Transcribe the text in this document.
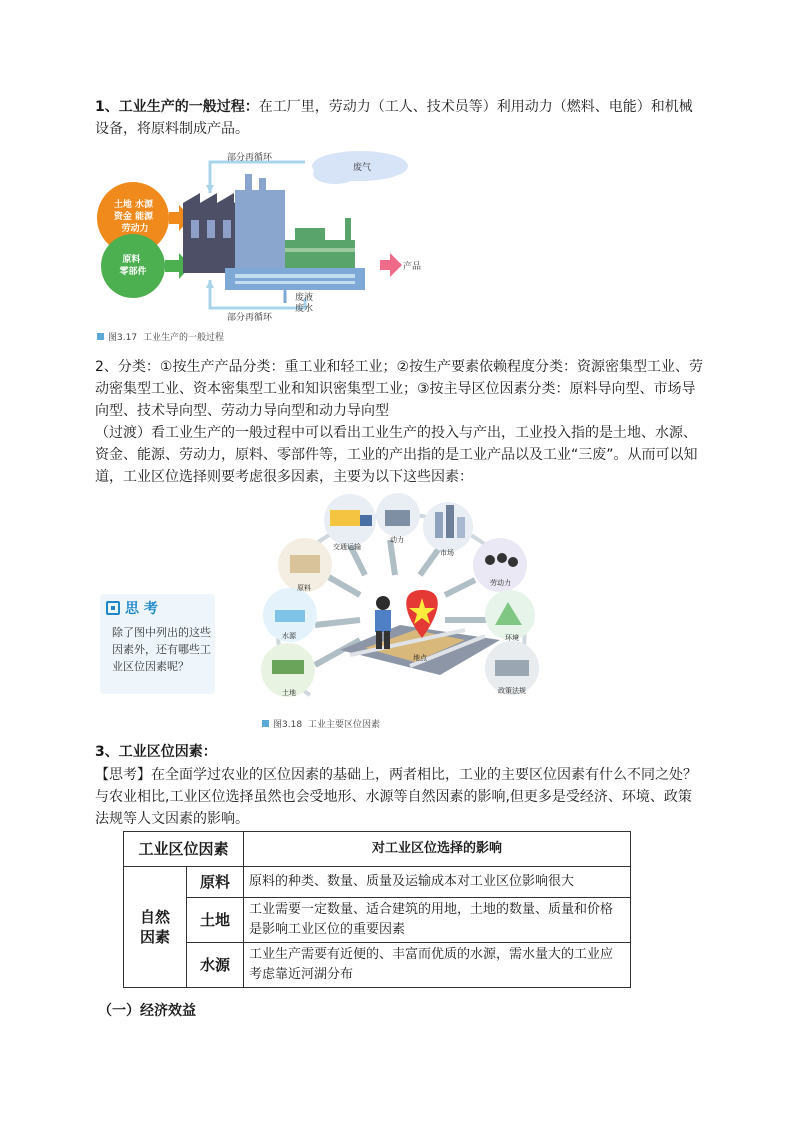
1、工业生产的一般过程：在工厂里，劳动力（工人、技术员等）利用动力（燃料、电能）和机械设备，将原料制成产品。

土地 水源 资金 能源 劳动力
原料 零部件
部分再循环
废气
产品
废液 废水
部分再循环
图3.17 工业生产的一般过程

2、分类：①按生产产品分类：重工业和轻工业；②按生产要素依赖程度分类：资源密集型工业、劳动密集型工业、资本密集型工业和知识密集型工业；③按主导区位因素分类：原料导向型、市场导向型、技术导向型、劳动力导向型和动力导向型

（过渡）看工业生产的一般过程中可以看出工业生产的投入与产出，工业投入指的是土地、水源、资金、能源、劳动力，原料、零部件等，工业的产出指的是工业产品以及工业“三废”。从而可以知道，工业区位选择则要考虑很多因素，主要为以下这些因素：

交通运输
动力
市场
原料
劳动力
水源	环境
地点
土地	政策法规
思 考
除了图中列出的这些因素外，还有哪些工业区位因素呢？
图3.18 工业主要区位因素

3、工业区位因素：

【思考】在全面学过农业的区位因素的基础上，两者相比，工业的主要区位因素有什么不同之处？

与农业相比,工业区位选择虽然也会受地形、水源等自然因素的影响,但更多是受经济、环境、政策法规等人文因素的影响。

工业区位因素		对工业区位选择的影响
自然
因素	原料	原料的种类、数量、质量及运输成本对工业区位影响很大
	土地	工业需要一定数量、适合建筑的用地，土地的数量、质量和价格是影响工业区位的重要因素
	水源	工业生产需要有近便的、丰富而优质的水源，需水量大的工业应考虑靠近河湖分布

（一）经济效益
